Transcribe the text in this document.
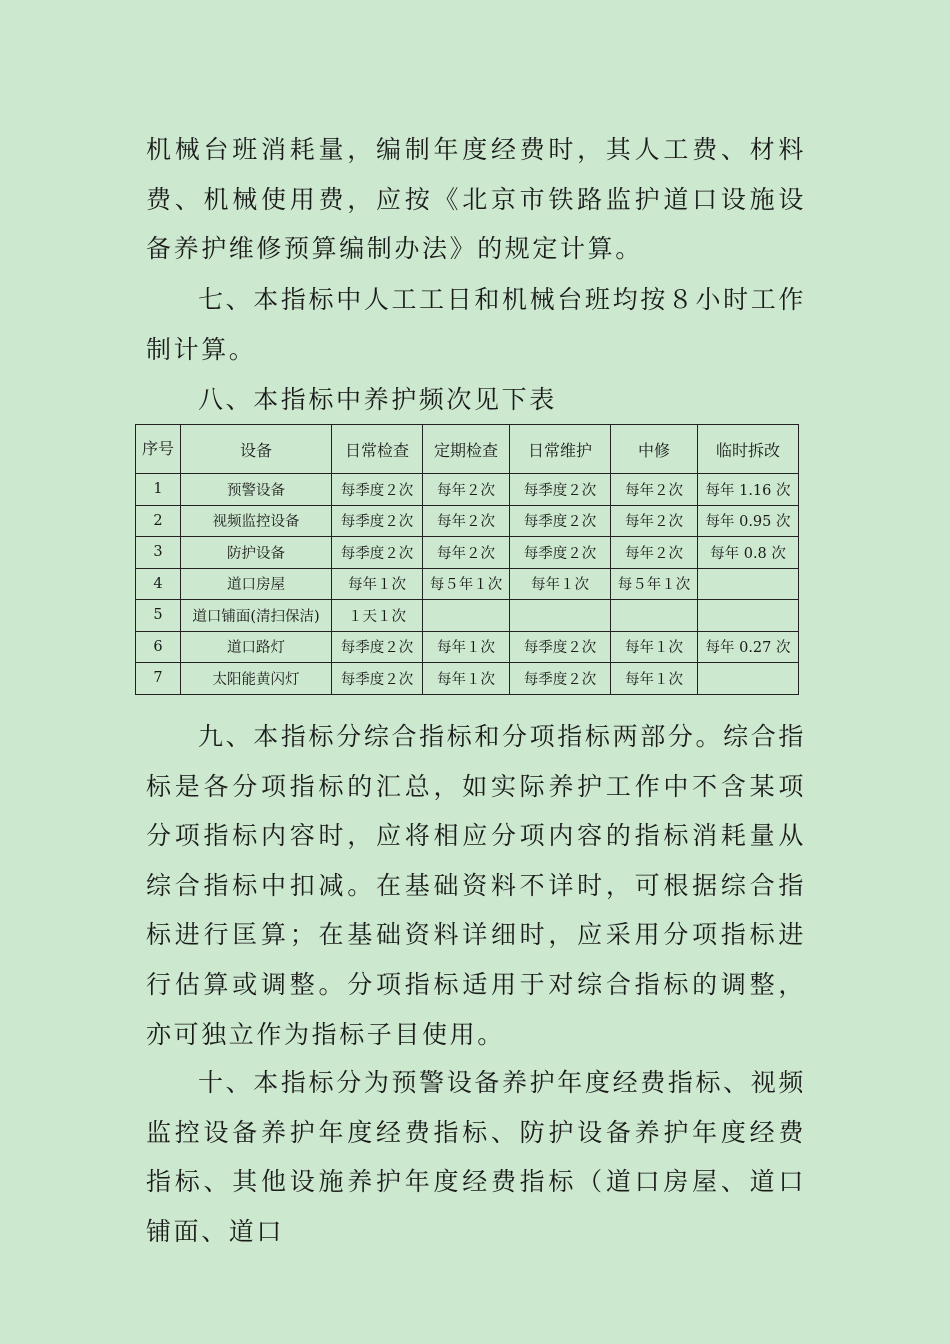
机械台班消耗量，编制年度经费时，其人工费、材料费、机械使用费，应按《北京市铁路监护道口设施设备养护维修预算编制办法》的规定计算。

七、本指标中人工工日和机械台班均按８小时工作制计算。

八、本指标中养护频次见下表

序号	设备	日常检查	定期检查	日常维护	中修	临时拆改
1	预警设备	每季度２次	每年２次	每季度２次	每年２次	每年 1.16 次
2	视频监控设备	每季度２次	每年２次	每季度２次	每年２次	每年 0.95 次
3	防护设备	每季度２次	每年２次	每季度２次	每年２次	每年 0.8 次
4	道口房屋	每年１次	每５年１次	每年１次	每５年１次	
5	道口铺面(清扫保洁)	１天１次				
6	道口路灯	每季度２次	每年１次	每季度２次	每年１次	每年 0.27 次
7	太阳能黄闪灯	每季度２次	每年１次	每季度２次	每年１次	

九、本指标分综合指标和分项指标两部分。综合指标是各分项指标的汇总，如实际养护工作中不含某项分项指标内容时，应将相应分项内容的指标消耗量从综合指标中扣减。在基础资料不详时，可根据综合指标进行匡算；在基础资料详细时，应采用分项指标进行估算或调整。分项指标适用于对综合指标的调整，亦可独立作为指标子目使用。

十、本指标分为预警设备养护年度经费指标、视频监控设备养护年度经费指标、防护设备养护年度经费指标、其他设施养护年度经费指标（道口房屋、道口铺面、道口
